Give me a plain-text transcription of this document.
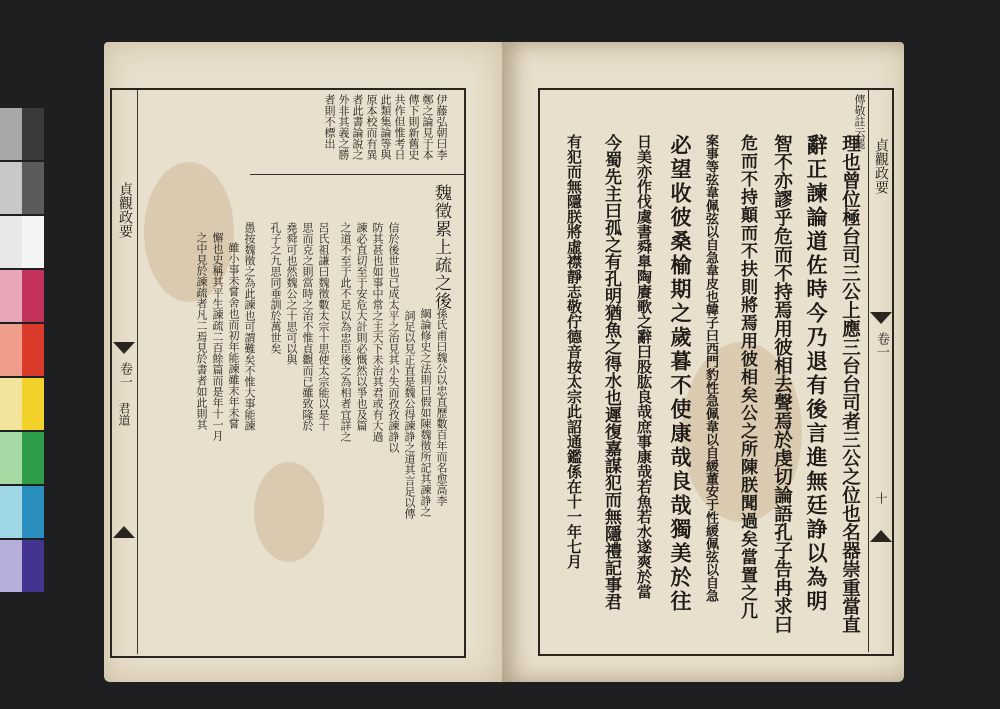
伊藤弘朝曰李
鄭之論見于本
傳下則新舊史
共作但惟考日
此類集論等與
原本校而有異
者此書論說之
外非其義之勝
者則不標出
魏徵累上疏之後
孫氏甫曰魏公以忠直歷數百年而名愈高李
綱論修史之法則曰假如陳魏徵所記其諫諍之
詞足以見正直是魏公得諫諍之道其言足以傳
信於後世也已成太平之治見其小失而孜孜諫諍以
防其甚也如事中常之主天下未治其君或有大過
諫必直切至于安危大計則必慨然以爭也及篇
之道不至于此不足以為忠臣後之為相者宜詳之
呂氏祖謙曰魏徵數太宗十思使太宗能以是十
思而克之則當時之治不惟貞觀而已雖致隆於
堯舜可也然魏公之十思可以與
孔子之九思同垂訓於萬世矣
愚按魏徵之為此諫也可謂難矣不惟大事能諫
雖小事未嘗舍也而初年能諫雖末年未嘗
懈也史稱其平生諫疏二百餘篇而是年十一月
之中見於諫疏者凡二焉見於書者如此則其
貞觀政要
卷一
君道
貞觀政要
卷一
十
傳敬註云罷
理也曾位極台司三公上應三台台司者三公之位也名器崇重當直
辭正諫論道佐時今乃退有後言進無廷諍以為明
智不亦謬乎危而不持焉用彼相去聲焉於虔切論語孔子告冉求曰
危而不持顛而不扶則將焉用彼相矣公之所陳朕聞過矣當置之几
案事等弦韋佩弦以自急韋皮也韓子曰西門豹性急佩韋以自緩董安于性緩佩弦以自急
必望收彼桑榆期之歲暮不使康哉良哉獨美於往
日美亦作伐虞書舜臯陶賡歌之辭曰股肱良哉庶事康哉若魚若水遂爽於當
今蜀先主曰孤之有孔明猶魚之得水也遲復嘉謀犯而無隱禮記事君
有犯而無隱朕將虛襟靜志敬佇德音按太宗此詔通鑑係在十一年七月
